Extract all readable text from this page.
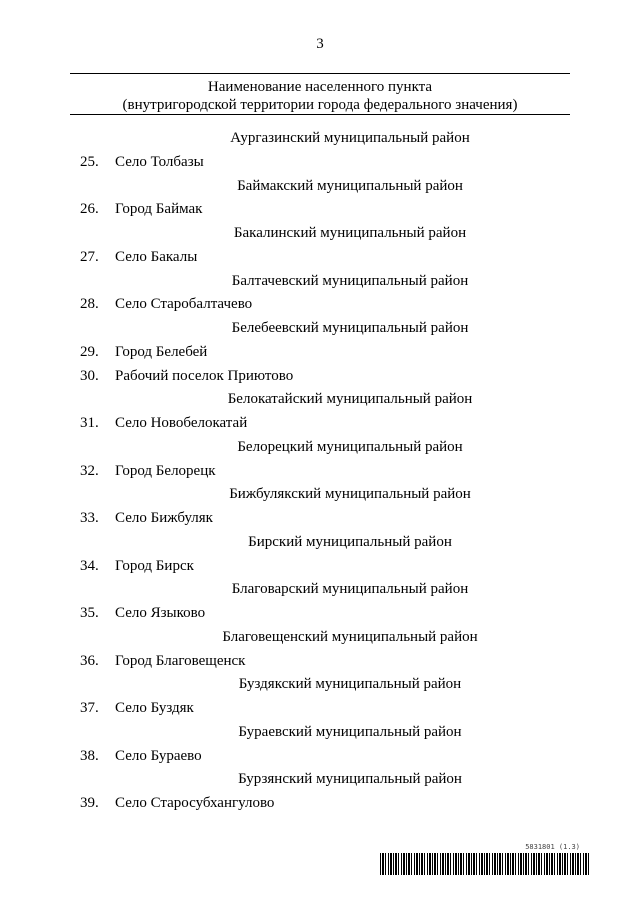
3
Наименование населенного пункта
(внутригородской территории города федерального значения)
Аургазинский муниципальный район
25.	Село Толбазы
Баймакский муниципальный район
26.	Город Баймак
Бакалинский муниципальный район
27.	Село Бакалы
Балтачевский муниципальный район
28.	Село Старобалтачево
Белебеевский муниципальный район
29.	Город Белебей
30.	Рабочий поселок Приютово
Белокатайский муниципальный район
31.	Село Новобелокатай
Белорецкий муниципальный район
32.	Город Белорецк
Бижбулякский муниципальный район
33.	Село Бижбуляк
Бирский муниципальный район
34.	Город Бирск
Благоварский муниципальный район
35.	Село Языково
Благовещенский муниципальный район
36.	Город Благовещенск
Буздякский муниципальный район
37.	Село Буздяк
Бураевский муниципальный район
38.	Село Бураево
Бурзянский муниципальный район
39.	Село Старосубхангулово
5831801 (1.3)
